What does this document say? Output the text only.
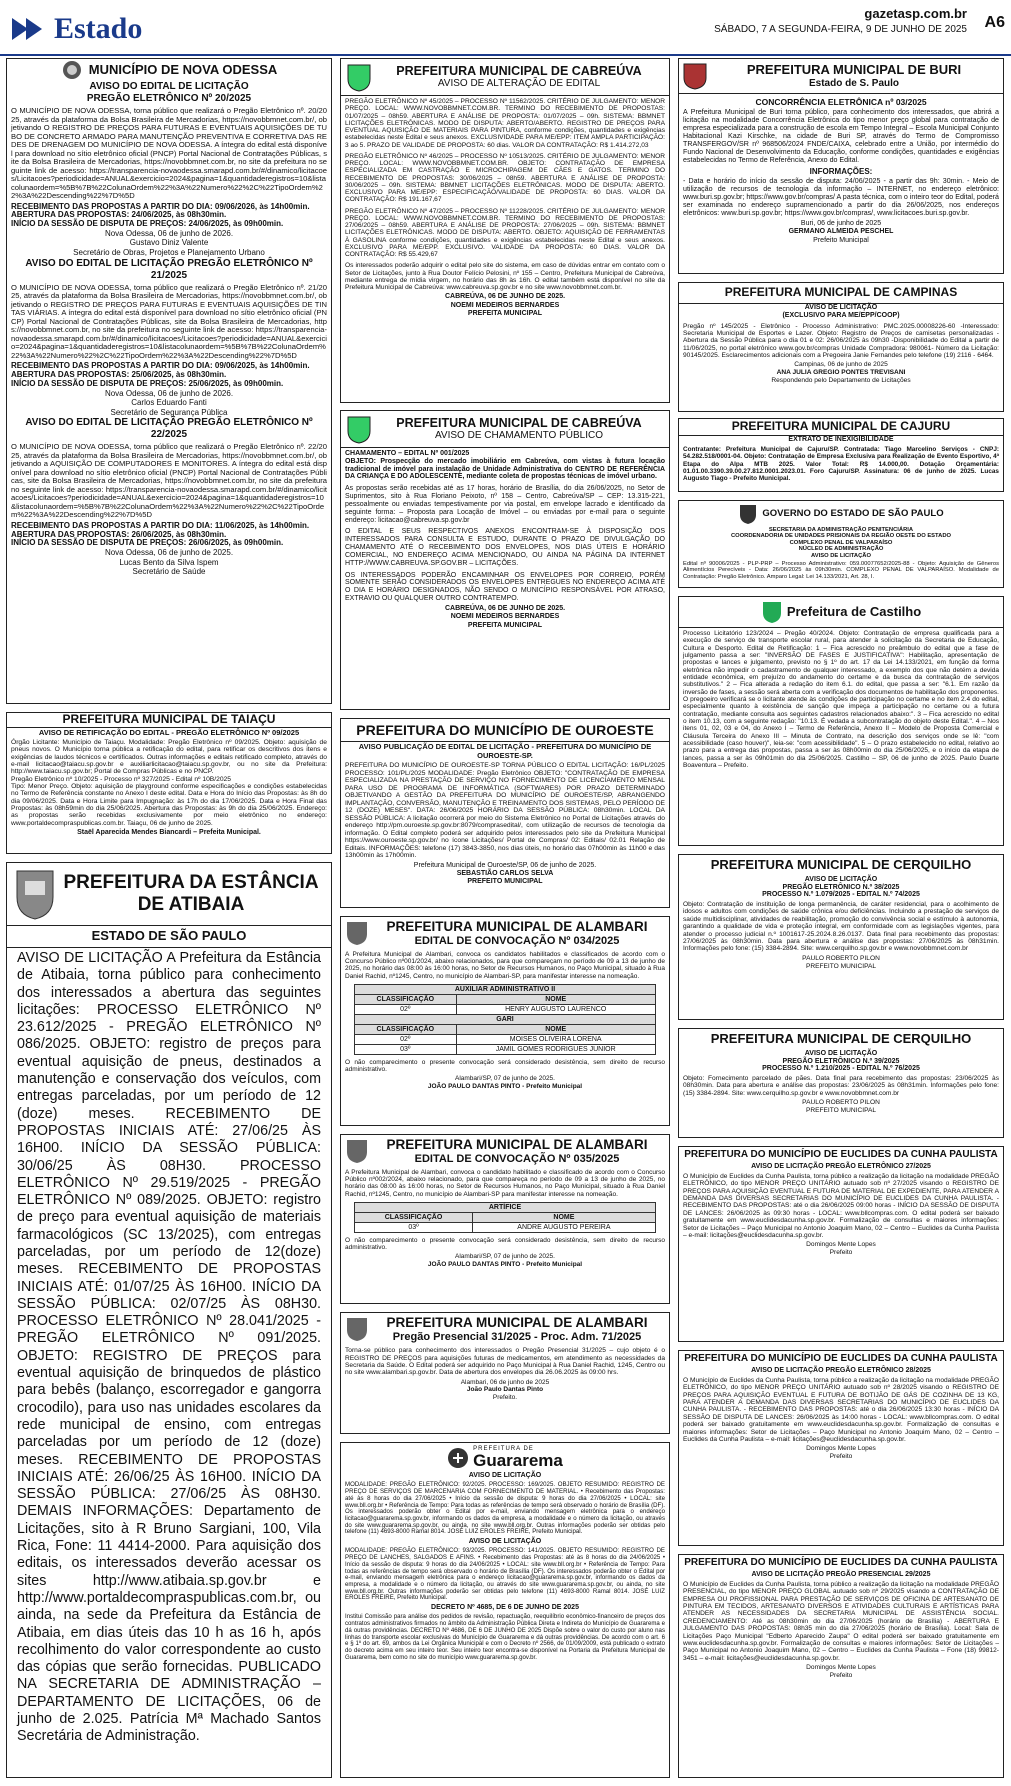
Estado	gazetasp.com.br
SÁBADO, 7 A SEGUNDA-FEIRA, 9 DE JUNHO DE 2025 A6
MUNICÍPIO DE NOVA ODESSA
AVISO DO EDITAL DE LICITAÇÃO
PREGÃO ELETRÔNICO Nº 20/2025
O MUNICÍPIO DE NOVA ODESSA, torna público que realizará o Pregão Eletrônico nº. 20/2025, através da plataforma da Bolsa Brasileira de Mercadorias, https://novobbmnet.com.br/, objetivando O REGISTRO DE PREÇOS PARA FUTURAS E EVENTUAIS AQUISIÇÕES DE TUBO DE CONCRETO ARMADO PARA MANUTENÇÃO PREVENTIVA E CORRETIVA DAS REDES DE DRENAGEM DO MUNICÍPIO DE NOVA ODESSA. A íntegra do edital está disponível para download no sítio eletrônico oficial (PNCP) Portal Nacional de Contratações Públicas, site da Bolsa Brasileira de Mercadorias, https://novobbmnet.com.br, no site da prefeitura no seguinte link de acesso: https://transparencia-novaodessa.smarapd.com.br/#/dinamico/licitacoes/Licitacoes?periodicidade=ANUAL&exercicio=2024&pagina=1&quantidaderegistros=10&listacolunaordem=%5B%7B%22ColunaOrdem%22%3A%22Numero%22%2C%22TipoOrdem%22%3A%22Descending%22%7D%5D
RECEBIMENTO DAS PROPOSTAS A PARTIR DO DIA: 09/06/2026, às 14h00min.
ABERTURA DAS PROPOSTAS: 24/06/2025, às 08h30min.
INÍCIO DA SESSÃO DE DISPUTA DE PREÇOS: 24/06/2025, às 09h00min.
Nova Odessa, 06 de junho de 2026.
Gustavo Diniz Valente
Secretário de Obras, Projetos e Planejamento Urbano
AVISO DO EDITAL DE LICITAÇÃO PREGÃO ELETRÔNICO Nº 21/2025
O MUNICÍPIO DE NOVA ODESSA, torna público que realizará o Pregão Eletrônico nº. 21/2025, através da plataforma da Bolsa Brasileira de Mercadorias, https://novobbmnet.com.br/, objetivando o REGISTRO DE PREÇOS PARA FUTURAS E EVENTUAIS AQUISIÇÕES DE TINTAS VIÁRIAS. A íntegra do edital está disponível para download no sítio eletrônico oficial (PNCP) Portal Nacional de Contratações Públicas, site da Bolsa Brasileira de Mercadorias, https://novobbmnet.com.br, no site da prefeitura no seguinte link de acesso: https://transparencia-novaodessa.smarapd.com.br/#/dinamico/licitacoes/Licitacoes?periodicidade=ANUAL&exercicio=2024&pagina=1&quantidaderegistros=10&listacolunaordem=%5B%7B%22ColunaOrdem%22%3A%22Numero%22%2C%22TipoOrdem%22%3A%22Descending%22%7D%5D
RECEBIMENTO DAS PROPOSTAS A PARTIR DO DIA: 09/06/2025, às 14h00min.
ABERTURA DAS PROPOSTAS: 25/06/2025, às 08h30min.
INÍCIO DA SESSÃO DE DISPUTA DE PREÇOS: 25/06/2025, às 09h00min.
Nova Odessa, 06 de junho de 2026.
Carlos Eduardo Fanti
Secretário de Segurança Pública
AVISO DO EDITAL DE LICITAÇÃO PREGÃO ELETRÔNICO Nº 22/2025
O MUNICÍPIO DE NOVA ODESSA, torna público que realizará o Pregão Eletrônico nº. 22/2025, através da plataforma da Bolsa Brasileira de Mercadorias, https://novobbmnet.com.br/, objetivando a AQUISIÇÃO DE COMPUTADORES E MONITORES. A íntegra do edital está disponível para download no sítio eletrônico oficial (PNCP) Portal Nacional de Contratações Públicas, site da Bolsa Brasileira de Mercadorias, https://novobbmnet.com.br, no site da prefeitura no seguinte link de acesso: https://transparencia-novaodessa.smarapd.com.br/#/dinamico/licitacoes/Licitacoes?periodicidade=ANUAL&exercicio=2024&pagina=1&quantidaderegistros=10&listacolunaordem=%5B%7B%22ColunaOrdem%22%3A%22Numero%22%2C%22TipoOrdem%22%3A%22Descending%22%7D%5D
RECEBIMENTO DAS PROPOSTAS A PARTIR DO DIA: 11/06/2025, às 14h00min.
ABERTURA DAS PROPOSTAS: 26/06/2025, às 08h30min.
INÍCIO DA SESSÃO DE DISPUTA DE PREÇOS: 26/06/2025, às 09h00min.
Nova Odessa, 06 de junho de 2025.
Lucas Bento da Silva Ispem
Secretário de Saúde
PREFEITURA MUNICIPAL DE TAIAÇU
AVISO DE RETIFICAÇÃO DO EDITAL - PREGÃO ELETRÔNICO Nº 09/2025
Órgão Licitante: Município de Taiaçu. Modalidade: Pregão Eletrônico nº 09/2025. Objeto: aquisição de pneus novos. O Município torna pública a retificação do edital, para retificar os descritivos dos itens e exigências de laudos técnicos e certificados. Outras informações e editais retificado completo, através do e-mail licitacao@taiacu.sp.gov.br e auxiliarlicitacao@taiacu.sp.gov.br, ou no site da Prefeitura: http://www.taiacu.sp.gov.br; Portal de Compras Públicas e no PNCP.
Pregão Eletrônico nº 10/2025 - Processo nº 327/2025 - Edital nº 10B/2025
Tipo: Menor Preço. Objeto: aquisição de playground conforme especificações e condições estabelecidas no Termo de Referência constante no Anexo I deste edital. Data e Hora do Início das Propostas: às 8h do dia 09/06/2025. Data e Hora Limite para Impugnação: às 17h do dia 17/06/2025. Data e Hora Final das Propostas: às 08h59min do dia 25/06/2025. Abertura das Propostas: às 9h do dia 25/06/2025. Endereço: as propostas serão recebidas exclusivamente por meio eletrônico no endereço: www.portaldecompraspublicas.com.br. Taiaçu, 06 de junho de 2025.
Staël Aparecida Mendes Biancardi – Prefeita Municipal.
PREFEITURA DA ESTÂNCIA DE ATIBAIA
ESTADO DE SÃO PAULO
AVISO DE LICITAÇÃO A Prefeitura da Estância de Atibaia, torna público para conhecimento dos interessados a abertura das seguintes licitações: PROCESSO ELETRÔNICO Nº 23.612/2025 - PREGÃO ELETRÔNICO Nº 086/2025. OBJETO: registro de preços para eventual aquisição de pneus, destinados a manutenção e conservação dos veículos, com entregas parceladas, por um período de 12 (doze) meses. RECEBIMENTO DE PROPOSTAS INICIAIS ATÉ: 27/06/25 ÀS 16H00. INÍCIO DA SESSÃO PÚBLICA: 30/06/25 ÀS 08H30. PROCESSO ELETRÔNICO Nº 29.519/2025 - PREGÃO ELETRÔNICO Nº 089/2025. OBJETO: registro de preço para eventual aquisição de materiais farmacológicos (SC 13/2025), com entregas parceladas, por um período de 12(doze) meses. RECEBIMENTO DE PROPOSTAS INICIAIS ATÉ: 01/07/25 ÀS 16H00. INÍCIO DA SESSÃO PÚBLICA: 02/07/25 ÀS 08H30. PROCESSO ELETRÔNICO Nº 28.041/2025 - PREGÃO ELETRÔNICO Nº 091/2025. OBJETO: REGISTRO DE PREÇOS para eventual aquisição de brinquedos de plástico para bebês (balanço, escorregador e gangorra crocodilo), para uso nas unidades escolares da rede municipal de ensino, com entregas parceladas por um período de 12 (doze) meses. RECEBIMENTO DE PROPOSTAS INICIAIS ATÉ: 26/06/25 ÀS 16H00. INÍCIO DA SESSÃO PÚBLICA: 27/06/25 ÀS 08H30. DEMAIS INFORMAÇÕES: Departamento de Licitações, sito à R Bruno Sargiani, 100, Vila Rica, Fone: 11 4414-2000. Para aquisição dos editais, os interessados deverão acessar os sites http://www.atibaia.sp.gov.br e http://www.portaldecompraspublicas.com.br, ou ainda, na sede da Prefeitura da Estância de Atibaia, em dias úteis das 10 h as 16 h, após recolhimento do valor correspondente ao custo das cópias que serão fornecidas. PUBLICADO NA SECRETARIA DE ADMINISTRAÇÃO – DEPARTAMENTO DE LICITAÇÕES, 06 de junho de 2.025. Patrícia Mª Machado Santos Secretária de Administração.
PREFEITURA MUNICIPAL DE CABREÚVA
AVISO DE ALTERAÇÃO DE EDITAL
PREGÃO ELETRÔNICO Nº 45/2025 – PROCESSO Nº 11562/2025. CRITÉRIO DE JULGAMENTO: MENOR PREÇO. LOCAL: WWW.NOVOBBMNET.COM.BR. TERMINO DO RECEBIMENTO DE PROPOSTAS: 01/07/2025 – 08h59. ABERTURA E ANÁLISE DE PROPOSTA: 01/07/2025 – 09h. SISTEMA: BBMNET LICITAÇÕES ELETRÔNICAS. MODO DE DISPUTA: ABERTO/ABERTO. REGISTRO DE PREÇOS PARA EVENTUAL AQUISIÇÃO DE MATERIAIS PARA PINTURA, conforme condições, quantidades e exigências estabelecidas neste Edital e seus anexos. EXCLUSIVIDADE PARA ME/EPP: ITEM AMPLA PARTICIPAÇÃO: 3 ao 5. PRAZO DE VALIDADE DE PROPOSTA: 60 dias. VALOR DA CONTRATAÇÃO: R$ 1.414.272,03
PREGÃO ELETRÔNICO Nº 46/2025 – PROCESSO Nº 10513/2025. CRITÉRIO DE JULGAMENTO: MENOR PREÇO. LOCAL: WWW.NOVOBBMNET.COM.BR. OBJETO: CONTRATAÇÃO DE EMPRESA ESPECIALIZADA EM CASTRAÇÃO E MICROCHIPAGEM DE CÃES E GATOS. TERMINO DO RECEBIMENTO DE PROPOSTAS: 30/06/2025 – 08h59. ABERTURA E ANÁLISE DE PROPOSTA: 30/06/2025 – 09h. SISTEMA: BBMNET LICITAÇÕES ELETRÔNICAS. MODO DE DISPUTA: ABERTO. EXCLUSIVO PARA ME/EPP: ESPECIFICAÇÃO/VALIDADE DE PROPOSTA: 60 DIAS. VALOR DA CONTRATAÇÃO: R$ 191.167,67
PREGÃO ELETRÔNICO Nº 47/2025 – PROCESSO Nº 11228/2025. CRITÉRIO DE JULGAMENTO: MENOR PREÇO. LOCAL: WWW.NOVOBBMNET.COM.BR. TERMINO DO RECEBIMENTO DE PROPOSTAS: 27/06/2025 – 08h59. ABERTURA E ANÁLISE DE PROPOSTA: 27/06/2025 – 09h. SISTEMA: BBMNET LICITAÇÕES ELETRÔNICAS. MODO DE DISPUTA: ABERTO. OBJETO: AQUISIÇÃO DE FERRAMENTAS À GASOLINA conforme condições, quantidades e exigências estabelecidas neste Edital e seus anexos. EXCLUSIVO PARA ME/EPP. EXCLUSIVO. VALIDADE DA PROPOSTA: 60 DIAS. VALOR DA CONTRATAÇÃO: R$ 55.429,67
Os interessados poderão adquirir o edital pelo site do sistema, em caso de dúvidas entrar em contato com o Setor de Licitações, junto à Rua Doutor Felício Pelosini, nº 155 – Centro, Prefeitura Municipal de Cabreúva, mediante entrega de mídia virgem, no horário das 8h às 16h. O edital também está disponível no site da Prefeitura Municipal de Cabreúva: www.cabreuva.sp.gov.br e no site www.novobbmnet.com.br.
CABREÚVA, 06 DE JUNHO DE 2025.
NOEMI MEDEIROS BERNARDES
PREFEITA MUNICIPAL
PREFEITURA MUNICIPAL DE CABREÚVA
AVISO DE CHAMAMENTO PÚBLICO
CHAMAMENTO – EDITAL Nº 001/2025
OBJETO: Prospecção do mercado imobiliário em Cabreúva, com vistas à futura locação tradicional de imóvel para instalação de Unidade Administrativa do CENTRO DE REFERÊNCIA DA CRIANÇA E DO ADOLESCENTE, mediante coleta de propostas técnicas de imóvel urbano.
As propostas serão recebidas até as 17 horas, horário de Brasília, do dia 26/06/2025, no Setor de Suprimentos, sito à Rua Floriano Peixoto, nº 158 – Centro, Cabreúva/SP – CEP: 13.315-221, pessoalmente ou enviadas tempestivamente por via postal, em envelope lacrado e identificado da seguinte forma: – Proposta para Locação de Imóvel – ou enviadas por e-mail para o seguinte endereço: licitacao@cabreuva.sp.gov.br
O EDITAL E SEUS RESPECTIVOS ANEXOS ENCONTRAM-SE À DISPOSIÇÃO DOS INTERESSADOS PARA CONSULTA E ESTUDO, DURANTE O PRAZO DE DIVULGAÇÃO DO CHAMAMENTO ATÉ O RECEBIMENTO DOS ENVELOPES, NOS DIAS ÚTEIS E HORÁRIO COMERCIAL, NO ENDEREÇO ACIMA MENCIONADO, OU AINDA NA PÁGINA DA INTERNET HTTP://WWW.CABREUVA.SP.GOV.BR – LICITAÇÕES.
OS INTERESSADOS PODERÃO ENCAMINHAR OS ENVELOPES POR CORREIO, PORÉM SOMENTE SERÃO CONSIDERADOS OS ENVELOPES ENTREGUES NO ENDEREÇO ACIMA ATÉ O DIA E HORÁRIO DESIGNADOS, NÃO SENDO O MUNICÍPIO RESPONSÁVEL POR ATRASO, EXTRAVIO OU QUALQUER OUTRO CONTRATEMPO.
CABREÚVA, 06 DE JUNHO DE 2025.
NOEMI MEDEIROS BERNARDES
PREFEITA MUNICIPAL
PREFEITURA DO MUNICÍPIO DE OUROESTE
AVISO PUBLICAÇÃO DE EDITAL DE LICITAÇÃO - PREFEITURA DO MUNICÍPIO DE OUROESTE-SP.
PREFEITURA DO MUNICÍPIO DE OUROESTE-SP TORNA PÚBLICO O EDITAL LICITAÇÃO: 16/PL/2025 PROCESSO: 101/PL/2025 MODALIDADE: Pregão Eletrônico OBJETO: "CONTRATAÇÃO DE EMPRESA ESPECIALIZADA NA PRESTAÇÃO DE SERVIÇO NO FORNECIMENTO DE LICENCIAMENTO MENSAL PARA USO DE PROGRAMA DE INFORMÁTICA (SOFTWARES) POR PRAZO DETERMINADO OBJETIVANDO A GESTÃO DA PREFEITURA DO MUNICÍPIO DE OUROESTE/SP, ABRANGENDO IMPLANTAÇÃO, CONVERSÃO, MANUTENÇÃO E TREINAMENTO DOS SISTEMAS, PELO PERÍODO DE 12 (DOZE) MESES". DATA: 26/06/2025 HORÁRIO DA SESSÃO PÚBLICA: 08h30min. LOCAL DA SESSÃO PÚBLICA: A licitação ocorrerá por meio do Sistema Eletrônico no Portal de Licitações através do endereço http://pm.ouroeste.sp.gov.br:8079/comprasedital/, com utilização de recursos de tecnologia da informação. O Edital completo poderá ser adquirido pelos interessados pelo site da Prefeitura Municipal https://www.ouroeste.sp.gov.br/ no ícone Licitações/ Portal de Compras/ 02: Editais/ 02.01 Relação de Editais. INFORMAÇÕES: telefone (17) 3843-3850, nos dias úteis, no horário das 07h00min às 11h00 e das 13h00min às 17h00min.
Prefeitura Municipal de Ouroeste/SP, 06 de junho de 2025.
SEBASTIÃO CARLOS SELVA
PREFEITO MUNICIPAL
PREFEITURA MUNICIPAL DE ALAMBARI
EDITAL DE CONVOCAÇÃO Nº 034/2025
A Prefeitura Municipal de Alambari, convoca os candidatos habilitados e classificados de acordo com o Concurso Público nº001/2024, abaixo relacionados, para que compareçam no período de 09 a 13 de junho de 2025, no horário das 08:00 às 16:00 horas, no Setor de Recursos Humanos, no Paço Municipal, situado à Rua Daniel Rachid, nº1245, Centro, no município de Alambari-SP, para manifestar interesse na nomeação.
AUXILIAR ADMINISTRATIVO II	
CLASSIFICAÇÃO	NOME
02º	HENRY AUGUSTO LAURENCO
GARI	
CLASSIFICAÇÃO	NOME
02º	MOISES OLIVEIRA LORENA
03º	JAMIL GOMES RODRIGUES JUNIOR
O não comparecimento o presente convocação será considerado desistência, sem direito de recurso administrativo.
Alambari/SP, 07 de junho de 2025.
JOÃO PAULO DANTAS PINTO - Prefeito Municipal
PREFEITURA MUNICIPAL DE ALAMBARI
EDITAL DE CONVOCAÇÃO Nº 035/2025
A Prefeitura Municipal de Alambari, convoca o candidato habilitado e classificado de acordo com o Concurso Público nº002/2024, abaixo relacionado, para que compareça no período de 09 a 13 de junho de 2025, no horário das 08:00 às 16:00 horas, no Setor de Recursos Humanos, no Paço Municipal, situado à Rua Daniel Rachid, nº1245, Centro, no município de Alambari-SP para manifestar interesse na nomeação.
ARTÍFICE	
CLASSIFICAÇÃO	NOME
03º	ANDRE AUGUSTO PEREIRA
O não comparecimento o presente convocação será considerado desistência, sem direito de recurso administrativo.
Alambari/SP, 07 de junho de 2025.
JOÃO PAULO DANTAS PINTO - Prefeito Municipal
PREFEITURA MUNICIPAL DE ALAMBARI
Pregão Presencial 31/2025 - Proc. Adm. 71/2025
Torna-se público para conhecimento dos interessados o Pregão Presencial 31/2025 – cujo objeto é o REGISTRO DE PREÇOS para aquisições futuras de medicamentos, em atendimento as necessidades da Secretaria da Saúde. O Edital poderá ser adquirido no Paço Municipal à Rua Daniel Rachid, 1245, Centro ou no site www.alambari.sp.gov.br. Data de abertura dos envelopes dia 26.06.2025 às 09:00 hrs.
Alambari, 06 de junho de 2025
João Paulo Dantas Pinto
Prefeito.
PREFEITURA DE
Guararema
AVISO DE LICITAÇÃO
MODALIDADE: PREGÃO ELETRÔNICO: 92/2025. PROCESSO: 169/2025. OBJETO RESUMIDO: REGISTRO DE PREÇO DE SERVIÇOS DE MARCENARIA COM FORNECIMENTO DE MATERIAL. • Recebimento das Propostas: até às 8 horas do dia 27/06/2025 • Início da sessão de disputa: 9 horas do dia 27/06/2025 • LOCAL: site www.bll.org.br • Referência de Tempo: Para todas as referências de tempo será observado o horário de Brasília (DF). Os interessados poderão obter o Edital por e-mail, enviando mensagem eletrônica para o endereço licitacao@guararema.sp.gov.br, informando os dados da empresa, a modalidade e o número da licitação, ou através do site www.guararema.sp.gov.br, ou ainda, no site www.bll.org.br. Outras informações poderão ser obtidas pelo telefone (11) 4693-8000 Ramal 8014. JOSÉ LUIZ EROLES FREIRE, Prefeito Municipal.
AVISO DE LICITAÇÃO
MODALIDADE: PREGÃO ELETRÔNICO: 93/2025. PROCESSO: 141/2025. OBJETO RESUMIDO: REGISTRO DE PREÇO DE LANCHES, SALGADOS E AFINS. • Recebimento das Propostas: até às 8 horas do dia 24/06/2025 • Início da sessão de disputa: 9 horas do dia 24/06/2025 • LOCAL: site www.bll.org.br • Referência de Tempo: Para todas as referências de tempo será observado o horário de Brasília (DF). Os interessados poderão obter o Edital por e-mail, enviando mensagem eletrônica para o endereço licitacao@guararema.sp.gov.br, informando os dados da empresa, a modalidade e o número da licitação, ou através do site www.guararema.sp.gov.br, ou ainda, no site www.bll.org.br. Outras informações poderão ser obtidas pelo telefone (11) 4693-8000 Ramal 8014. JOSÉ LUIZ EROLES FREIRE, Prefeito Municipal.
DECRETO Nº 4685, DE 6 DE JUNHO DE 2025
Institui Comissão para análise dos pedidos de revisão, repactuação, reequilíbrio econômico-financeiro de preços dos contratos administrativos firmados no âmbito da Administração Pública Direta e Indireta do Município de Guararema e dá outras providências. DECRETO Nº 4686, DE 6 DE JUNHO DE 2025 Dispõe sobre o valor do custo por aluno nas linhas do transporte escolar exclusivas do Município de Guararema e dá outras providências. De acordo com o art. 6 e § 1º do art. 69, ambos da Lei Orgânica Municipal e com o Decreto nº 2566, de 01/09/2009, está publicado o extrato do decreto acima em seu inteiro teor. Seu inteiro teor encontra-se disponível na Portaria da Prefeitura Municipal de Guararema, bem como no site do município www.guararema.sp.gov.br.
PREFEITURA MUNICIPAL DE BURI
Estado de S. Paulo
CONCORRÊNCIA ELETRÔNICA nº 03/2025
A Prefeitura Municipal de Buri torna público, para conhecimento dos interessados, que abrirá a licitação na modalidade Concorrência Eletrônica do tipo menor preço global para contratação de empresa especializada para a construção de escola em Tempo Integral – Escola Municipal Conjunto Habitacional Kazi Kirschke, na cidade de Buri SP, através do Termo de Compromisso TRANSFERGOV/SR nº 968506/2024 FNDE/CAIXA, celebrado entre a União, por intermédio do Fundo Nacional de Desenvolvimento da Educação, conforme condições, quantidades e exigências estabelecidas no Termo de Referência, Anexo do Edital.
INFORMAÇÕES:
- Data e horário do início da sessão de disputa: 24/06/2025 - a partir das 9h: 30min. - Meio de utilização de recursos de tecnologia da informação – INTERNET, no endereço eletrônico: www.buri.sp.gov.br; https://www.gov.br/compras/ A pasta técnica, com o inteiro teor do Edital, poderá ser examinada no endereço supramencionado a partir do dia 26/06/2025, nos endereços eletrônicos: www.buri.sp.gov.br; https://www.gov.br/compras/, www.licitacoes.buri.sp.gov.br.
Buri, 06 de junho de 2025
GERMANO ALMEIDA PESCHEL
Prefeito Municipal
PREFEITURA MUNICIPAL DE CAMPINAS
AVISO DE LICITAÇÃO
(EXCLUSIVO PARA ME/EPP/COOP)
Pregão nº 145/2025 - Eletrônico - Processo Administrativo: PMC.2025.00008226-60 -Interessado: Secretaria Municipal de Esportes e Lazer. Objeto: Registro de Preços de camisetas personalizadas -Abertura da Sessão Pública para o dia 01 e 02: 26/06/2025 às 09h30 -Disponibilidade do Edital a partir de 11/06/2025, no portal eletrônico www.gov.br/compras Unidade Compradora: 980061- Número da Licitação: 90145/2025. Esclarecimentos adicionais com a Pregoeira Janie Fernandes pelo telefone (19) 2116 - 6464.
Campinas, 06 de junho de 2025
ANA JULIA GREGIO PONTES TREVISANI
Respondendo pelo Departamento de Licitações
PREFEITURA MUNICIPAL DE CAJURU
EXTRATO DE INEXIGIBILIDADE
Contratante: Prefeitura Municipal de Cajuru/SP. Contratada: Tiago Marcelino Serviços - CNPJ: 54.282.518/0001-04. Objeto: Contratação de Empresa Exclusiva para Realização de Evento Esportivo, 4ª Etapa do Alpa MTB 2025. Valor Total: R$ 14.000,00. Dotação Orçamentária: 01.01.00.3390.39.00.27.812.0001.2023.01. Foro Cajuru/SP. Assinatura: 06 de junho de 2025. Lucas Augusto Tiago - Prefeito Municipal.
GOVERNO DO ESTADO DE SÃO PAULO
SECRETARIA DA ADMINISTRAÇÃO PENITENCIÁRIA
COORDENADORIA DE UNIDADES PRISIONAIS DA REGIÃO OESTE DO ESTADO
COMPLEXO PENAL DE VALPARAÍSO
NÚCLEO DE ADMINISTRAÇÃO
AVISO DE LICITAÇÃO
Edital nº 90006/2025 - PLP-PRP – Processo Administrativo: 059.00077652/2025-88 - Objeto: Aquisição de Gêneros Alimentícios Perecíveis - Data: 26/06/2025 às 09h30min. COMPLEXO PENAL DE VALPARAÍSO. Modalidade de Contratação: Pregão Eletrônico. Amparo Legal: Lei 14.133/2021, Art. 28, I.
Prefeitura de Castilho
Processo Licitatório 123/2024 – Pregão 40/2024. Objeto: Contratação de empresa qualificada para a execução de serviço de transporte escolar rural, para atender à solicitação da Secretaria de Educação, Cultura e Desporto. Edital de Retificação: 1 – Fica acrescido no preâmbulo do edital que a fase de julgamento passa a ser: "INVERSÃO DE FASES E JUSTIFICATIVA": Habilitação, apresentação de propostas e lances e julgamento, previsto no § 1º do art. 17 da Lei 14.133/2021, em função da forma eletrônica não impedir o cadastramento de qualquer interessado, a exemplo dos que não detém a devida entidade econômica, em prejuízo do andamento do certame e da busca da contratação de serviços substitutivos." 2 – Fica alterada a redação do item 6.1. do edital, que passa a ser: "6.1. Em razão da inversão de fases, a sessão será aberta com a verificação dos documentos de habilitação dos proponentes. O pregoeiro verificará se o licitante atende às condições de participação no certame e no item 2.4 do edital, especialmente quanto à existência de sanção que impeça a participação no certame ou a futura contratação, mediante consulta aos seguintes cadastros relacionados abaixo:". 3 – Fica acrescido no edital o item 10.13, com a seguinte redação: "10.13. É vedada a subcontratação do objeto deste Edital.". 4 – Nos itens 01, 02, 03 e 04, do Anexo I – Termo de Referência, Anexo II – Modelo de Proposta Comercial e Cláusula Terceira do Anexo III – Minuta de Contrato, na descrição dos serviços onde se lê: "com acessibilidade (caso houver)", leia-se: "com acessibilidade". 5 – O prazo estabelecido no edital, relativo ao prazo para a entrega das propostas, passa a ser às 08h00min do dia 25/06/2025, e o início da etapa de lances, passa a ser às 09h01min do dia 25/06/2025. Castilho – SP, 06 de junho de 2025. Paulo Duarte Boaventura – Prefeito.
PREFEITURA MUNICIPAL DE CERQUILHO
AVISO DE LICITAÇÃO
PREGÃO ELETRÔNICO N.º 38/2025
PROCESSO N.º 1.079/2025 - EDITAL N.º 74/2025
Objeto: Contratação de instituição de longa permanência, de caráter residencial, para o acolhimento de idosos e adultos com condições de saúde crônica e/ou deficiências. Incluindo a prestação de serviços de saúde multidisciplinar, atividades de reabilitação, promoção do convivência social e estímulo à autonomia, garantindo a qualidade de vida e proteção integral, em conformidade com as legislações vigentes, para atender o processo judicial n.º 1001617-25.2024.8.26.0137. Data final para recebimento das propostas: 27/06/2025 às 08h30min. Data para abertura e análise das propostas: 27/06/2025 às 08h31min. Informações pelo fone: (15) 3384-2894. Site: www.cerquilho.sp.gov.br e www.novobbmnet.com.br
PAULO ROBERTO PILON
PREFEITO MUNICIPAL
PREFEITURA MUNICIPAL DE CERQUILHO
AVISO DE LICITAÇÃO
PREGÃO ELETRÔNICO N.º 39/2025
PROCESSO N.º 1.210/2025 - EDITAL N.º 76/2025
Objeto: Fornecimento parcelado de pães. Data final para recebimento das propostas: 23/06/2025 às 08h30min. Data para abertura e análise das propostas: 23/06/2025 às 08h31min. Informações pelo fone: (15) 3384-2894. Site: www.cerquilho.sp.gov.br e www.novobbmnet.com.br
PAULO ROBERTO PILON
PREFEITO MUNICIPAL
PREFEITURA DO MUNICÍPIO DE EUCLIDES DA CUNHA PAULISTA
AVISO DE LICITAÇÃO PREGÃO ELETRÔNICO 27/2025
O Município de Euclides da Cunha Paulista, torna público a realização da licitação na modalidade PREGÃO ELETRÔNICO, do tipo MENOR PREÇO UNITÁRIO autuado sob nº 27/2025 visando o REGISTRO DE PREÇOS PARA AQUISIÇÃO EVENTUAL E FUTURA DE MATERIAL DE EXPEDIENTE, PARA ATENDER A DEMANDA DAS DIVERSAS SECRETARIAS DO MUNICÍPIO DE EUCLIDES DA CUNHA PAULISTA. - RECEBIMENTO DAS PROPOSTAS: até o dia 26/06/2025 09:00 horas - INÍCIO DA SESSÃO DE DISPUTA DE LANCES: 26/06/2025 às 09:30 horas - LOCAL: www.bllcompras.com. O edital poderá ser baixado gratuitamente em www.euclidesdacunha.sp.gov.br. Formalização de consultas e maiores informações: Setor de Licitações – Paço Municipal no Antonio Joaquim Mano, 02 – Centro – Euclides da Cunha Paulista – e-mail: licitações@euclidesdacunha.sp.gov.br.
Domingos Mente Lopes
Prefeito
PREFEITURA DO MUNICÍPIO DE EUCLIDES DA CUNHA PAULISTA
AVISO DE LICITAÇÃO PREGÃO ELETRÔNICO 28/2025
O Município de Euclides da Cunha Paulista, torna público a realização da licitação na modalidade PREGÃO ELETRÔNICO, do tipo MENOR PREÇO UNITÁRIO autuado sob nº 28/2025 visando o REGISTRO DE PREÇOS PARA AQUISIÇÃO EVENTUAL E FUTURA DE BOTIJÃO DE GÁS DE COZINHA DE 13 KG, PARA ATENDER A DEMANDA DAS DIVERSAS SECRETARIAS DO MUNICÍPIO DE EUCLIDES DA CUNHA PAULISTA. - RECEBIMENTO DAS PROPOSTAS: até o dia 26/06/2025 13:30 horas - INÍCIO DA SESSÃO DE DISPUTA DE LANCES: 26/06/2025 às 14:00 horas - LOCAL: www.bllcompras.com. O edital poderá ser baixado gratuitamente em www.euclidesdacunha.sp.gov.br. Formalização de consultas e maiores informações: Setor de Licitações – Paço Municipal no Antonio Joaquim Mano, 02 – Centro – Euclides da Cunha Paulista – e-mail: licitações@euclidesdacunha.sp.gov.br.
Domingos Mente Lopes
Prefeito
PREFEITURA DO MUNICÍPIO DE EUCLIDES DA CUNHA PAULISTA
AVISO DE LICITAÇÃO PREGÃO PRESENCIAL 29/2025
O Município de Euclides da Cunha Paulista, torna público a realização da licitação na modalidade PREGÃO PRESENCIAL, do tipo MENOR PREÇO GLOBAL autuado sob nº 29/2025 visando a CONTRATAÇÃO DE EMPRESA OU PROFISSIONAL PARA PRESTAÇÃO DE SERVIÇOS DE OFICINA DE ARTESANATO DE PINTURA EM TECIDOS, ARTESANATO DIVERSOS E ATIVIDADES CULTURAIS E ARTÍSTICAS PARA ATENDER AS NECESSIDADES DA SECRETARIA MUNICIPAL DE ASSISTÊNCIA SOCIAL. CREDENCIAMENTO: Até as 08h30min do dia 27/06/2025 (horário de Brasília) - ABERTURA E JULGAMENTO DAS PROPOSTAS: 08h35 min do dia 27/06/2025 (horário de Brasília). Local: Sala de Licitações Paço Municipal "Edberto Aparecido Zaupa" O edital poderá ser baixado gratuitamente em www.euclidesdacunha.sp.gov.br. Formalização de consultas e maiores informações: Setor de Licitações – Paço Municipal no Antonio Joaquim Mano, 02 – Centro – Euclides da Cunha Paulista – Fone (18) 99812-3451 – e-mail: licitações@euclidesdacunha.sp.gov.br.
Domingos Mente Lopes
Prefeito
